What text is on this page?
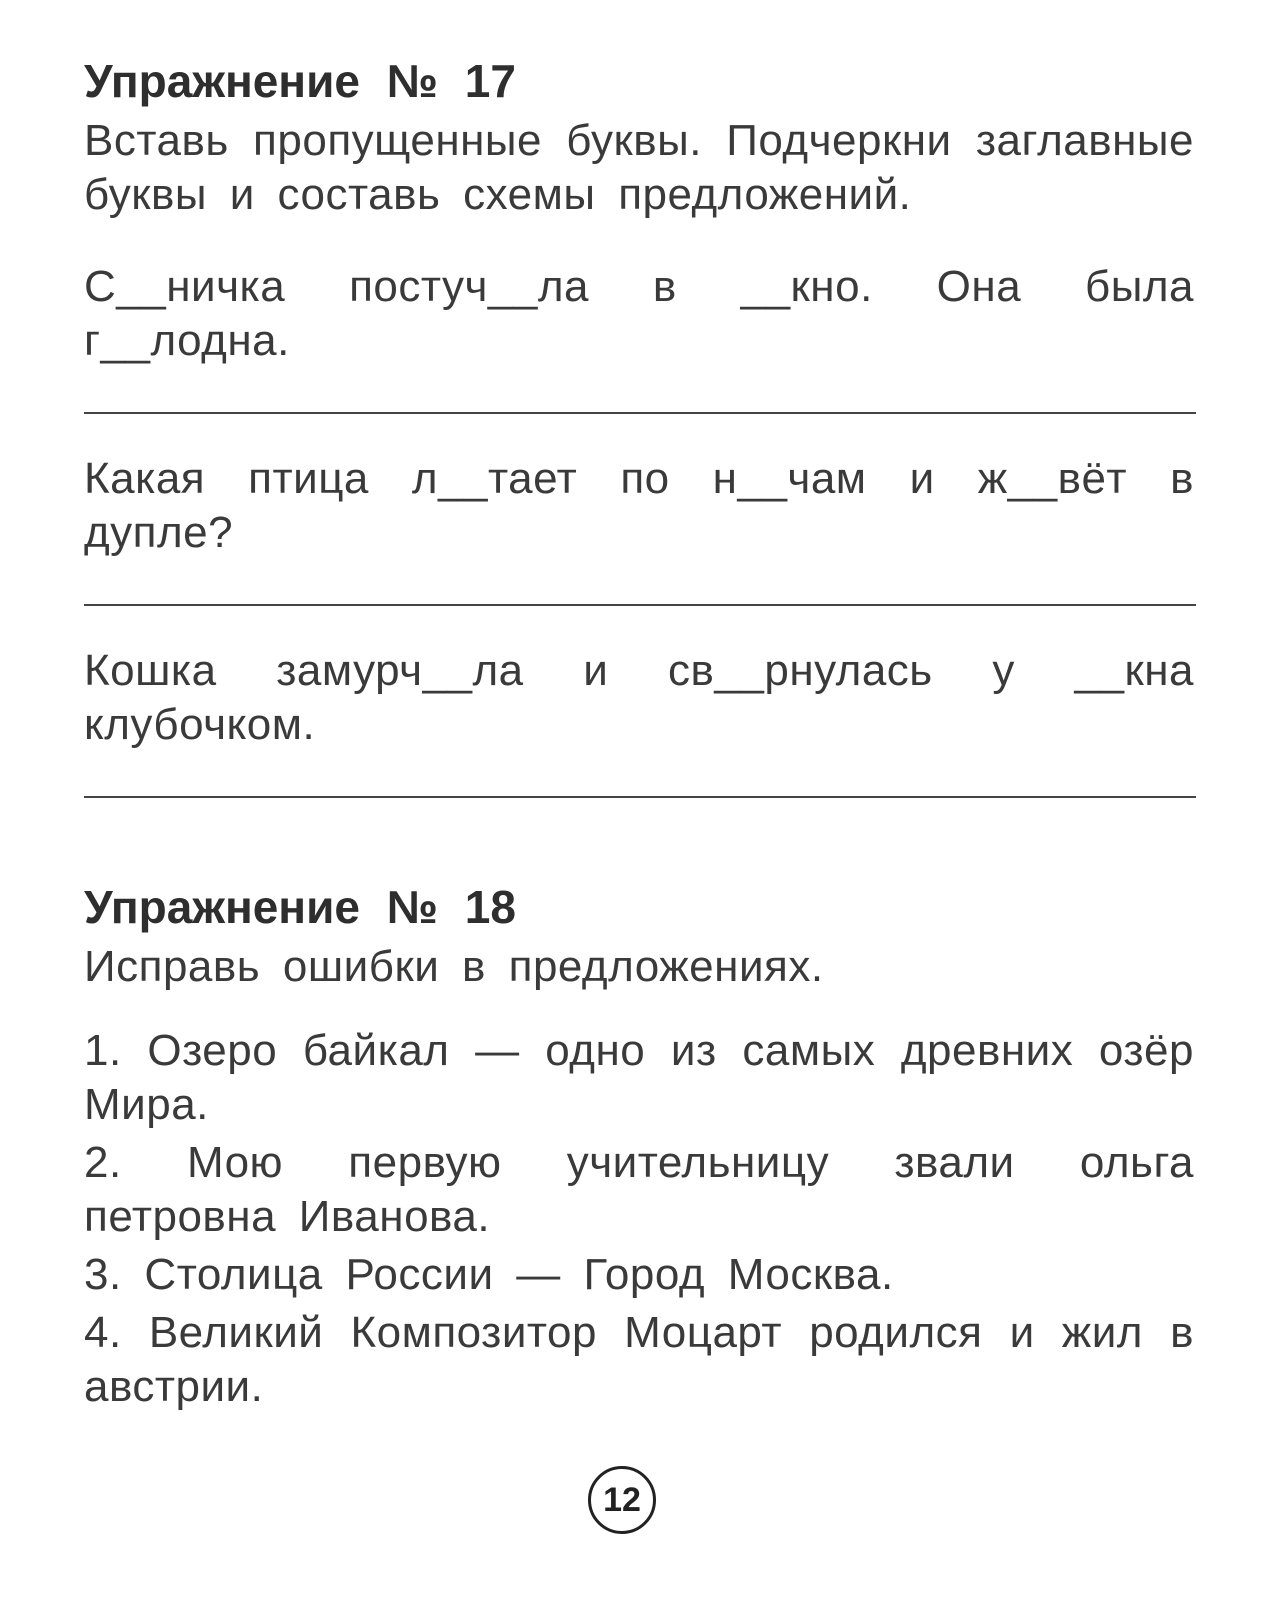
Упражнение № 17

Вставь пропущенные буквы. Подчеркни заглавные буквы и составь схемы предложений.

С__ничка постуч__ла в __кно. Она была г__лодна.

Какая птица л__тает по н__чам и ж__вёт в дупле?

Кошка замурч__ла и св__рнулась у __кна клубочком.

Упражнение № 18

Исправь ошибки в предложениях.

1. Озеро байкал — одно из самых древних озёр Мира.

2. Мою первую учительницу звали ольга петровна Иванова.

3. Столица России — Город Москва.

4. Великий Композитор Моцарт родился и жил в австрии.

12
